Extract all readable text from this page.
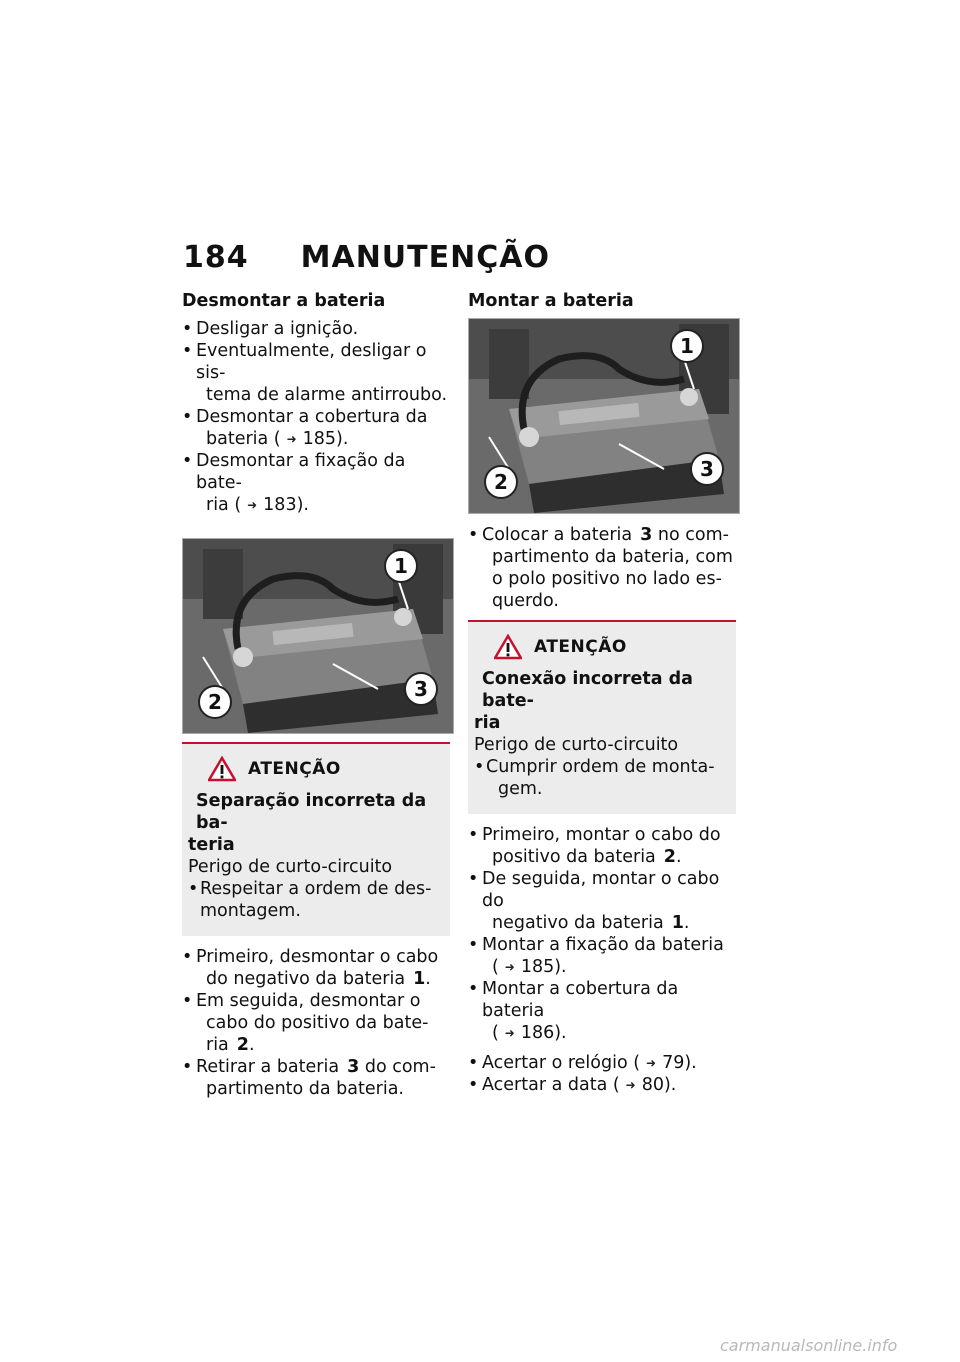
184 MANUTENÇÃO
Desmontar a bateria
• Desligar a ignição.
• Eventualmente, desligar o sis-
tema de alarme antirroubo.
• Desmontar a cobertura da
bateria ( ➜ 185).
• Desmontar a fixação da bate-
ria ( ➜ 183).
2
1
3
ATENÇÃO
Separação incorreta da ba-
teria
Perigo de curto-circuito
• Respeitar a ordem de des-
montagem.
• Primeiro, desmontar o cabo
do negativo da bateria 1.
• Em seguida, desmontar o
cabo do positivo da bate-
ria 2.
• Retirar a bateria 3 do com-
partimento da bateria.
Montar a bateria
2
1
3
• Colocar a bateria 3 no com-
partimento da bateria, com
o polo positivo no lado es-
querdo.
ATENÇÃO
Conexão incorreta da bate-
ria
Perigo de curto-circuito
• Cumprir ordem de monta-
gem.
• Primeiro, montar o cabo do
positivo da bateria 2.
• De seguida, montar o cabo do
negativo da bateria 1.
• Montar a fixação da bateria
( ➜ 185).
• Montar a cobertura da bateria
( ➜ 186).
• Acertar o relógio ( ➜ 79).
• Acertar a data ( ➜ 80).
carmanualsonline.info
